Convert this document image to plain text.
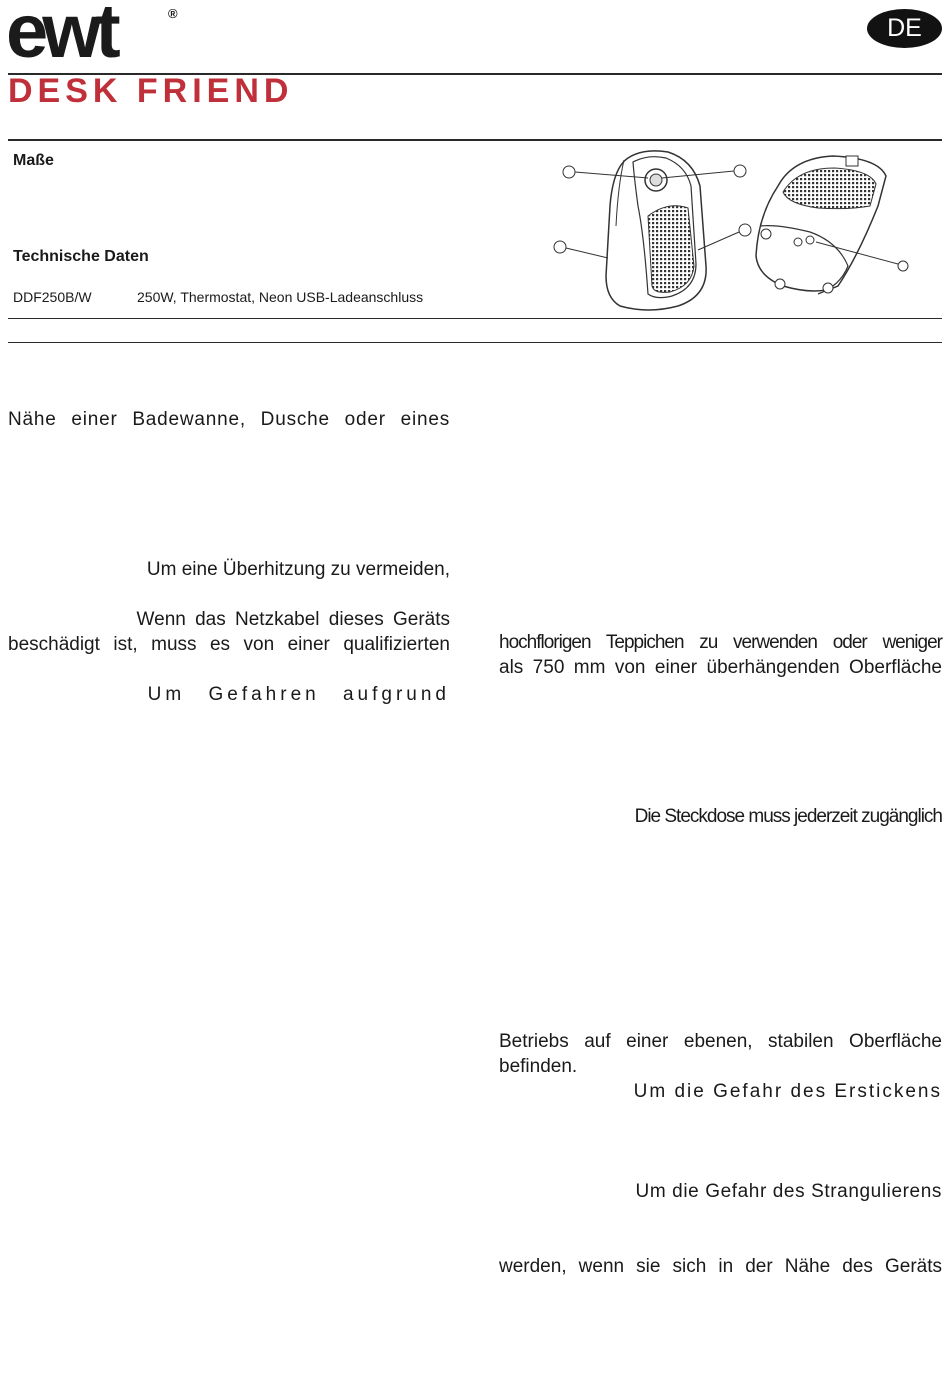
ewt	®
DESK FRIEND
DE
Maße
Technische Daten
DDF250B/W	250W, Thermostat, Neon USB-Ladeanschluss
Nähe einer Badewanne, Dusche oder eines
Um eine Überhitzung zu vermeiden,
Wenn das Netzkabel dieses Geräts
beschädigt ist, muss es von einer qualifizierten
Um Gefahren aufgrund
hochflorigen Teppichen zu verwenden oder weniger
als 750 mm von einer überhängenden Oberfläche
Die Steckdose muss jederzeit zugänglich
Betriebs auf einer ebenen, stabilen Oberfläche
befinden.
Um die Gefahr des Erstickens
Um die Gefahr des Strangulierens
werden, wenn sie sich in der Nähe des Geräts
